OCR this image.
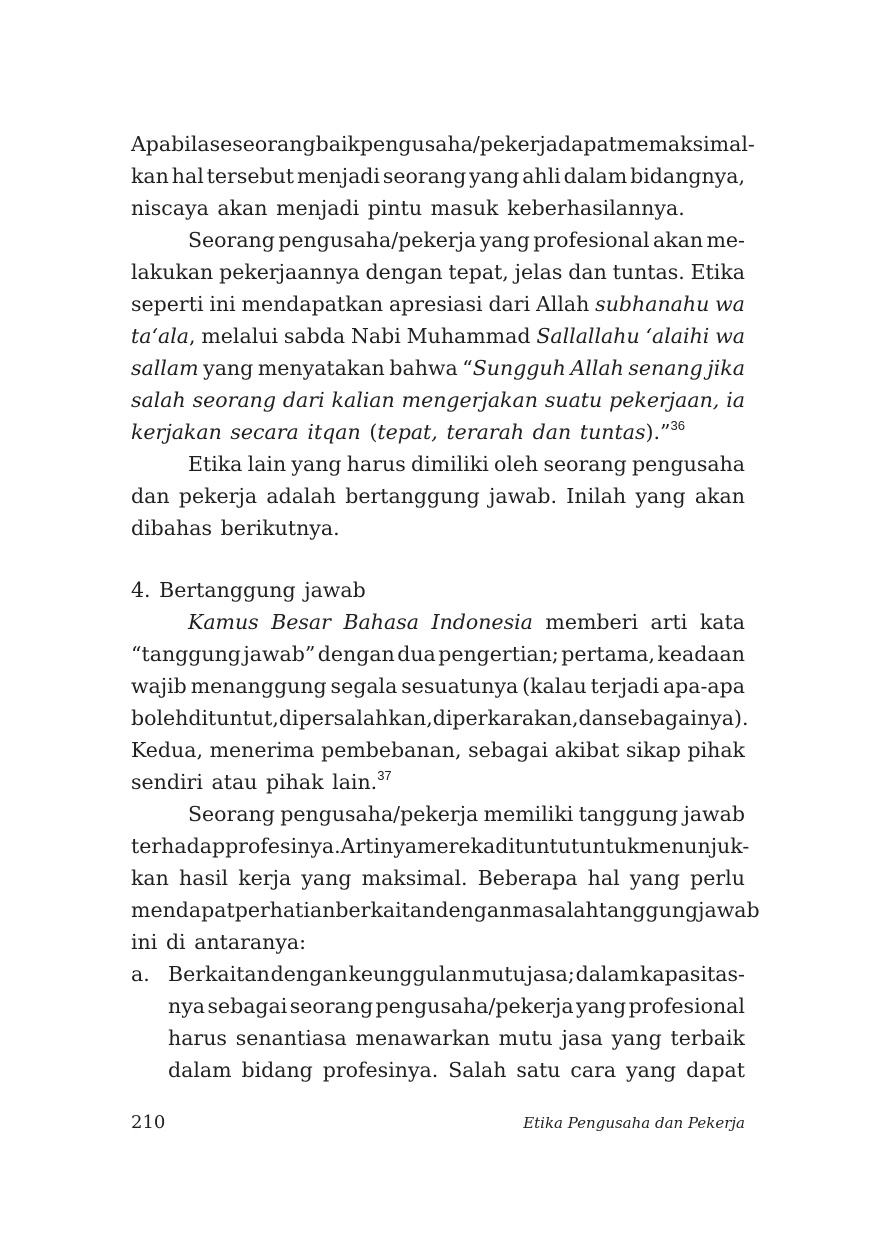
Apabila seseorang baik pengusaha/pekerja dapat memaksimal-
kan hal tersebut menjadi seorang yang ahli dalam bidangnya,
niscaya akan menjadi pintu masuk keberhasilannya.
Seorang pengusaha/pekerja yang profesional akan me-
lakukan pekerjaannya dengan tepat, jelas dan tuntas. Etika
seperti ini mendapatkan apresiasi dari Allah subhanahu wa
ta‘ala, melalui sabda Nabi Muhammad Sallallahu ‘alaihi wa
sallam yang menyatakan bahwa “Sungguh Allah senang jika
salah seorang dari kalian mengerjakan suatu pekerjaan, ia
kerjakan secara itqan (tepat, terarah dan tuntas).”$^{36}$
Etika lain yang harus dimiliki oleh seorang pengusaha
dan pekerja adalah bertanggung jawab. Inilah yang akan
dibahas berikutnya.
4. Bertanggung jawab
Kamus Besar Bahasa Indonesia memberi arti kata
“tanggung jawab” dengan dua pengertian; pertama, keadaan
wajib menanggung segala sesuatunya (kalau terjadi apa-apa
boleh dituntut, dipersalahkan, diperkarakan, dan sebagainya).
Kedua, menerima pembebanan, sebagai akibat sikap pihak
sendiri atau pihak lain.$^{37}$
Seorang pengusaha/pekerja memiliki tanggung jawab
terhadap profesinya. Artinya mereka dituntut untuk menunjuk-
kan hasil kerja yang maksimal. Beberapa hal yang perlu
mendapat perhatian berkaitan dengan masalah tanggung jawab
ini di antaranya:
a. Berkaitan dengan keunggulan mutu jasa; dalam kapasitas-
nya sebagai seorang pengusaha/pekerja yang profesional
harus senantiasa menawarkan mutu jasa yang terbaik
dalam bidang profesinya. Salah satu cara yang dapat
210	Etika Pengusaha dan Pekerja
